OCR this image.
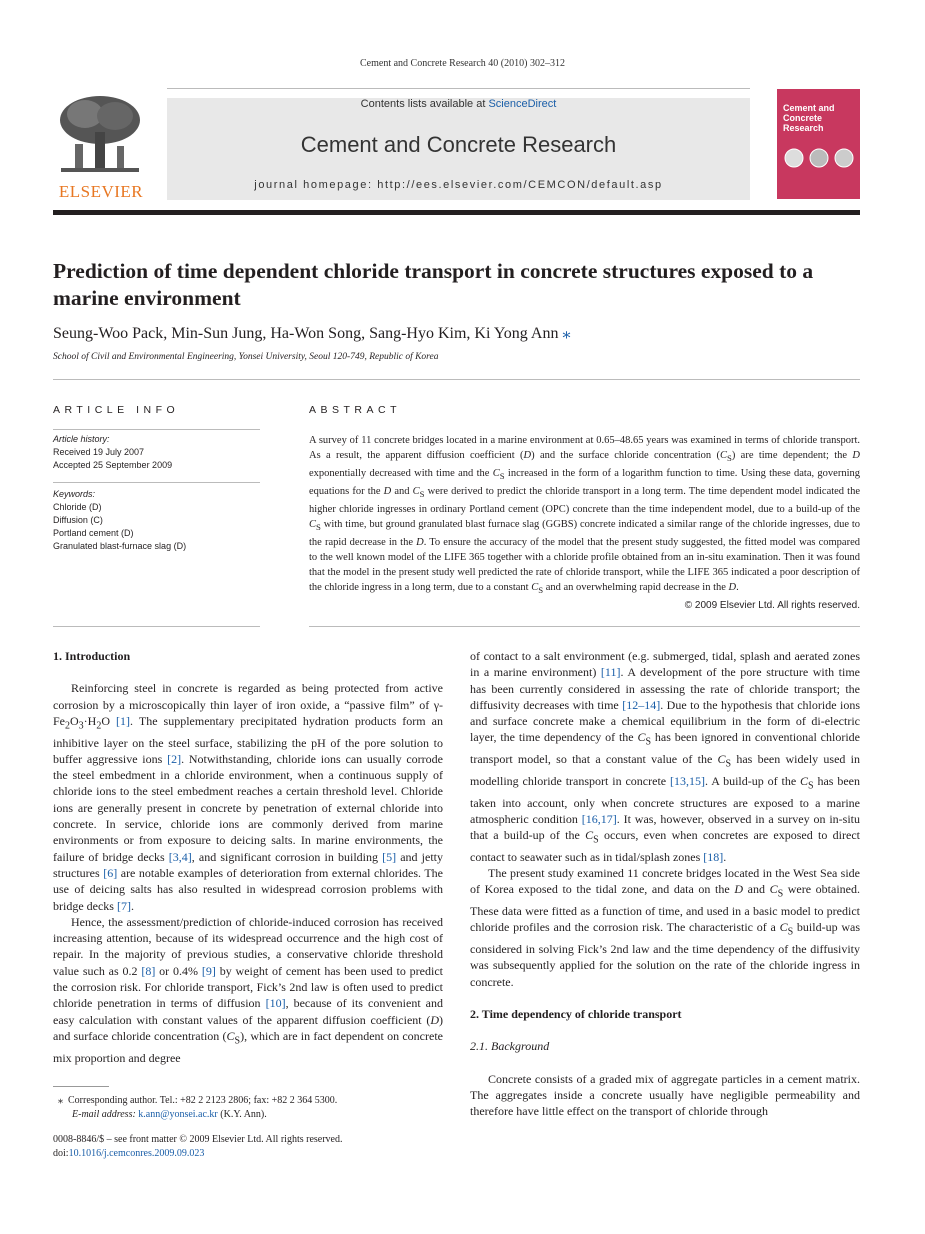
Cement and Concrete Research 40 (2010) 302–312
ELSEVIER
Contents lists available at ScienceDirect
Cement and Concrete Research
journal homepage: http://ees.elsevier.com/CEMCON/default.asp
Cement and
Concrete
Research
Prediction of time dependent chloride transport in concrete structures exposed to a marine environment
Seung-Woo Pack, Min-Sun Jung, Ha-Won Song, Sang-Hyo Kim, Ki Yong Ann ⁎
School of Civil and Environmental Engineering, Yonsei University, Seoul 120-749, Republic of Korea
ARTICLE INFO	ABSTRACT
Article history:
Received 19 July 2007
Accepted 25 September 2009
Keywords:
Chloride (D)
Diffusion (C)
Portland cement (D)
Granulated blast-furnace slag (D)
A survey of 11 concrete bridges located in a marine environment at 0.65–48.65 years was examined in terms of chloride transport. As a result, the apparent diffusion coefficient (D) and the surface chloride concentration $(C_S)$ are time dependent; the D exponentially decreased with time and the $C_S$ increased in the form of a logarithm function to time. Using these data, governing equations for the D and $C_S$ were derived to predict the chloride transport in a long term. The time dependent model indicated the higher chloride ingresses in ordinary Portland cement (OPC) concrete than the time independent model, due to a build-up of the $C_S$ with time, but ground granulated blast furnace slag (GGBS) concrete indicated a similar range of the chloride ingresses, due to the rapid decrease in the D. To ensure the accuracy of the model that the present study suggested, the fitted model was compared to the well known model of the LIFE 365 together with a chloride profile obtained from an in-situ examination. Then it was found that the model in the present study well predicted the rate of chloride transport, while the LIFE 365 indicated a poor description of the chloride ingress in a long term, due to a constant $C_S$ and an overwhelming rapid decrease in the D.
© 2009 Elsevier Ltd. All rights reserved.
1. Introduction

Reinforcing steel in concrete is regarded as being protected from active corrosion by a microscopically thin layer of iron oxide, a “passive film” of $\gamma-Fe_2O_3\cdot H_2O$ [1]. The supplementary precipitated hydration products form an inhibitive layer on the steel surface, stabilizing the pH of the pore solution to buffer aggressive ions [2]. Notwithstanding, chloride ions can usually corrode the steel embedment in a chloride environment, when a continuous supply of chloride ions to the steel embedment reaches a certain threshold level. Chloride ions are generally present in concrete by penetration of external chloride into concrete. In service, chloride ions are commonly derived from marine environments or from exposure to deicing salts. In marine environments, the failure of bridge decks [3,4], and significant corrosion in building [5] and jetty structures [6] are notable examples of deterioration from external chlorides. The use of deicing salts has also resulted in widespread corrosion problems with bridge decks [7].

Hence, the assessment/prediction of chloride-induced corrosion has received increasing attention, because of its widespread occurrence and the high cost of repair. In the majority of previous studies, a conservative chloride threshold value such as 0.2 [8] or 0.4% [9] by weight of cement has been used to predict the corrosion risk. For chloride transport, Fick’s 2nd law is often used to predict chloride penetration in terms of diffusion [10], because of its convenient and easy calculation with constant values of the apparent diffusion coefficient (D) and surface chloride concentration $(C_S)$, which are in fact dependent on concrete mix proportion and degree

of contact to a salt environment (e.g. submerged, tidal, splash and aerated zones in a marine environment) [11]. A development of the pore structure with time has been currently considered in assessing the rate of chloride transport; the diffusivity decreases with time [12–14]. Due to the hypothesis that chloride ions and surface concrete make a chemical equilibrium in the form of di-electric layer, the time dependency of the $C_S$ has been ignored in conventional chloride transport model, so that a constant value of the $C_S$ has been widely used in modelling chloride transport in concrete [13,15]. A build-up of the $C_S$ has been taken into account, only when concrete structures are exposed to a marine atmospheric condition [16,17]. It was, however, observed in a survey on in-situ that a build-up of the $C_S$ occurs, even when concretes are exposed to direct contact to seawater such as in tidal/splash zones [18].

The present study examined 11 concrete bridges located in the West Sea side of Korea exposed to the tidal zone, and data on the D and $C_S$ were obtained. These data were fitted as a function of time, and used in a basic model to predict chloride profiles and the corrosion risk. The characteristic of a $C_S$ build-up was considered in solving Fick’s 2nd law and the time dependency of the diffusivity was subsequently applied for the solution on the rate of the chloride ingress in concrete.

2. Time dependency of chloride transport
2.1. Background

Concrete consists of a graded mix of aggregate particles in a cement matrix. The aggregates inside a concrete usually have negligible permeability and therefore have little effect on the transport of chloride through

⁎  Corresponding author. Tel.: +82 2 2123 2806; fax: +82 2 364 5300.
E-mail address: k.ann@yonsei.ac.kr (K.Y. Ann).
0008-8846/$ – see front matter © 2009 Elsevier Ltd. All rights reserved.
doi:10.1016/j.cemconres.2009.09.023
